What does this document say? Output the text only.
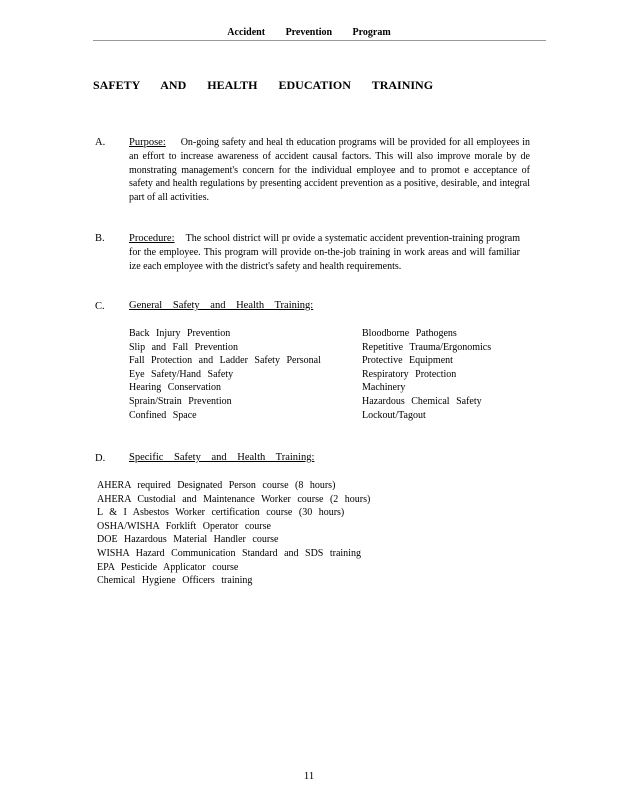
Accident Prevention Program
SAFETY AND HEALTH EDUCATION TRAINING
A. Purpose: On-going safety and heal th education programs will be provided for all employees in an effort to increase awareness of accident causal factors. This will also improve morale by de monstrating management's concern for the individual employee and to promot e acceptance of safety and health regulations by presenting accident prevention as a positive, desirable, and integral part of all activities.
B. Procedure: The school district will pr ovide a systematic accident prevention-training program for the employee. This program will provide on-the-job training in work areas and will familiar ize each employee with the district's safety and health requirements.
C. General Safety and Health Training:
Back Injury Prevention
Slip and Fall Prevention
Fall Protection and Ladder Safety Personal
Eye Safety/Hand Safety
Hearing Conservation
Sprain/Strain Prevention
Confined Space
Bloodborne Pathogens
Repetitive Trauma/Ergonomics
Protective Equipment
Respiratory Protection
Machinery
Hazardous Chemical Safety
Lockout/Tagout
D. Specific Safety and Health Training:
AHERA required Designated Person course (8 hours)
AHERA Custodial and Maintenance Worker course (2 hours)
L & I Asbestos Worker certification course (30 hours)
OSHA/WISHA Forklift Operator course
DOE Hazardous Material Handler course
WISHA Hazard Communication Standard and SDS training
EPA Pesticide Applicator course
Chemical Hygiene Officers training
11
